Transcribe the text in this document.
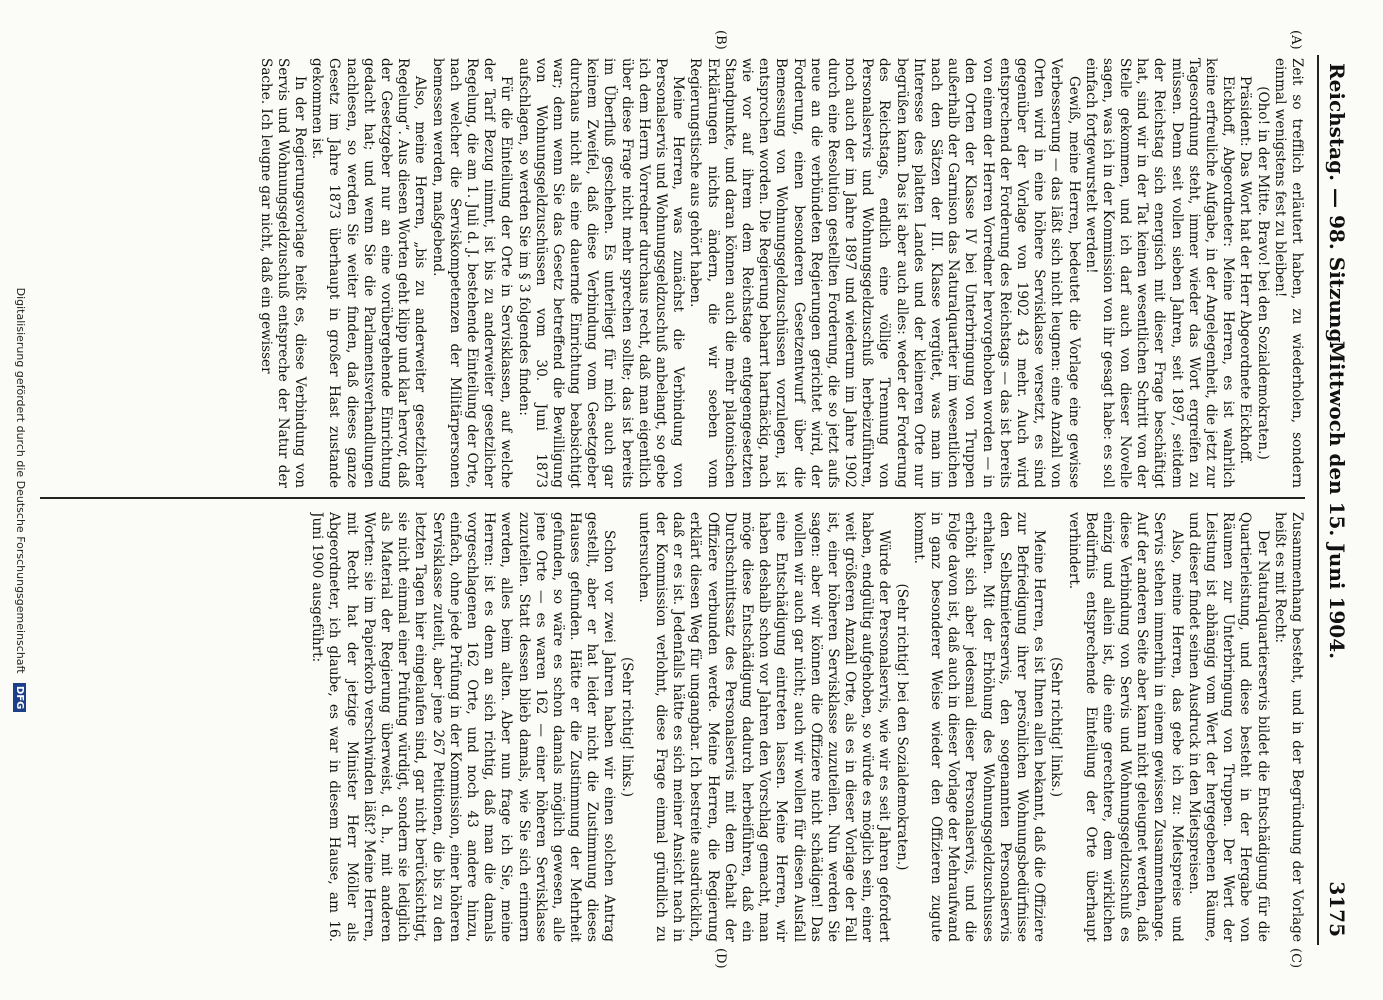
Reichstag. — 98. Sitzung.
Mittwoch den 15. Juni 1904.
3175
(A)
(B)
(C)
(D)

Zeit so trefflich erläutert haben, zu wiederholen, sondern einmal wenigstens fest zu bleiben!

(Oho! in der Mitte. Bravo! bei den Sozialdemokraten.)

Präsident: Das Wort hat der Herr Abgeordnete Eickhoff.

Eickhoff, Abgeordneter: Meine Herren, es ist wahrlich keine erfreuliche Aufgabe, in der Angelegenheit, die jetzt zur Tagesordnung steht, immer wieder das Wort ergreifen zu müssen. Denn seit vollen sieben Jahren, seit 1897, seitdem der Reichstag sich energisch mit dieser Frage beschäftigt hat, sind wir in der Tat keinen wesentlichen Schritt von der Stelle gekommen, und ich darf auch von dieser Novelle sagen, was ich in der Kommission von ihr gesagt habe: es soll einfach fortgewurstelt werden!

Gewiß, meine Herren, bedeutet die Vorlage eine gewisse Verbesserung — das läßt sich nicht leugnen: eine Anzahl von Orten wird in eine höhere Servisklasse versetzt, es sind gegenüber der Vorlage von 1902 43 mehr. Auch wird entsprechend der Forderung des Reichstags — das ist bereits von einem der Herren Vorredner hervorgehoben worden — in den Orten der Klasse IV bei Unterbringung von Truppen außerhalb der Garnison das Naturalquartier im wesentlichen nach den Sätzen der III. Klasse vergütet, was man im Interesse des platten Landes und der kleineren Orte nur begrüßen kann. Das ist aber auch alles: weder der Forderung des Reichstags, endlich eine völlige Trennung von Personalservis und Wohnungsgeldzuschuß herbeizuführen, noch auch der im Jahre 1897 und wiederum im Jahre 1902 durch eine Resolution gestellten Forderung, die so jetzt aufs neue an die verbündeten Regierungen gerichtet wird, der Forderung, einen besonderen Gesetzentwurf über die Bemessung von Wohnungsgeldzuschüssen vorzulegen, ist entsprochen worden. Die Regierung beharrt hartnäckig, nach wie vor auf ihrem dem Reichstage entgegengesetzten Standpunkte, und daran können auch die mehr platonischen Erklärungen nichts ändern, die wir soeben vom Regierungstische aus gehört haben.

Meine Herren, was zunächst die Verbindung von Personalservis und Wohnungsgeldzuschuß anbelangt, so gebe ich dem Herrn Vorredner durchaus recht, daß man eigentlich über diese Frage nicht mehr sprechen sollte; das ist bereits im Überfluß geschehen. Es unterliegt für mich auch gar keinem Zweifel, daß diese Verbindung vom Gesetzgeber durchaus nicht als eine dauernde Einrichtung beabsichtigt war; denn wenn Sie das Gesetz betreffend die Bewilligung von Wohnungsgeldzuschüssen vom 30. Juni 1873 aufschlagen, so werden Sie im § 3 folgendes finden:

Für die Einteilung der Orte in Servisklassen, auf welche der Tarif Bezug nimmt, ist bis zu anderweiter gesetzlicher Regelung, die am 1. Juli d. J. bestehende Einteilung der Orte, nach welcher die Serviskompetenzen der Militärpersonen bemessen werden, maßgebend.

Also, meine Herren, „bis zu anderweiter gesetzlicher Regelung“. Aus diesen Worten geht klipp und klar hervor, daß der Gesetzgeber nur an eine vorübergehende Einrichtung gedacht hat; und wenn Sie die Parlamentsverhandlungen nachlesen, so werden Sie weiter finden, daß dieses ganze Gesetz im Jahre 1873 überhaupt in großer Hast zustande gekommen ist.

In der Regierungsvorlage heißt es, diese Verbindung von Servis und Wohnungsgeldzuschuß entspreche der Natur der Sache. Ich leugne gar nicht, daß ein gewisser

Zusammenhang besteht, und in der Begründung der Vorlage heißt es mit Recht:

Der Naturalquartierservis bildet die Entschädigung für die Quartierleistung, und diese besteht in der Hergabe von Räumen zur Unterbringung von Truppen. Der Wert der Leistung ist abhängig vom Wert der hergegebenen Räume, und dieser findet seinen Ausdruck in den Mietspreisen.

Also, meine Herren, das gebe ich zu: Mietspreise und Servis stehen immerhin in einem gewissen Zusammenhange. Auf der anderen Seite aber kann nicht geleugnet werden, daß diese Verbindung von Servis und Wohnungsgeldzuschuß es einzig und allein ist, die eine gerechtere, dem wirklichen Bedürfnis entsprechende Einteilung der Orte überhaupt verhindert.

(Sehr richtig! links.)

Meine Herren, es ist Ihnen allen bekannt, daß die Offiziere zur Befriedigung ihrer persönlichen Wohnungsbedürfnisse den Selbstmieterservis, den sogenannten Personalservis erhalten. Mit der Erhöhung des Wohnungsgeldzuschusses erhöht sich aber jedesmal dieser Personalservis, und die Folge davon ist, daß auch in dieser Vorlage der Mehraufwand in ganz besonderer Weise wieder den Offizieren zugute kommt.

(Sehr richtig! bei den Sozialdemokraten.)

Würde der Personalservis, wie wir es seit Jahren gefordert haben, endgültig aufgehoben, so würde es möglich sein, einer weit größeren Anzahl Orte, als es in dieser Vorlage der Fall ist, einer höheren Servisklasse zuzuteilen. Nun werden Sie sagen: aber wir können die Offiziere nicht schädigen! Das wollen wir auch gar nicht; auch wir wollen für diesen Ausfall eine Entschädigung eintreten lassen. Meine Herren, wir haben deshalb schon vor Jahren den Vorschlag gemacht, man möge diese Entschädigung dadurch herbeiführen, daß ein Durchschnittssatz des Personalservis mit dem Gehalt der Offiziere verbunden werde. Meine Herren, die Regierung erklärt diesen Weg für ungangbar. Ich bestreite ausdrücklich, daß er es ist. Jedenfalls hätte es sich meiner Ansicht nach in der Kommission verlohnt, diese Frage einmal gründlich zu untersuchen.

(Sehr richtig! links.)

Schon vor zwei Jahren haben wir einen solchen Antrag gestellt, aber er hat leider nicht die Zustimmung dieses Hauses gefunden. Hätte er die Zustimmung der Mehrheit gefunden, so wäre es schon damals möglich gewesen, alle jene Orte — es waren 162 — einer höheren Servisklasse zuzuteilen. Statt dessen blieb damals, wie Sie sich erinnern werden, alles beim alten. Aber nun frage ich Sie, meine Herren: ist es denn an sich richtig, daß man die damals vorgeschlagenen 162 Orte, und noch 43 andere hinzu, einfach, ohne jede Prüfung in der Kommission, einer höheren Servisklasse zuteilt, aber jene 267 Petitionen, die bis zu den letzten Tagen hier eingelaufen sind, gar nicht berücksichtigt, sie nicht einmal einer Prüfung würdigt, sondern sie lediglich als Material der Regierung überweist, d. h., mit anderen Worten: sie im Papierkorb verschwinden läßt? Meine Herren, mit Recht hat der jetzige Minister Herr Möller als Abgeordneter, ich glaube, es war in diesem Hause, am 16. Juni 1900 ausgeführt:

Digitalisierung gefördert durch die Deutsche Forschungsgemeinschaft DFG
